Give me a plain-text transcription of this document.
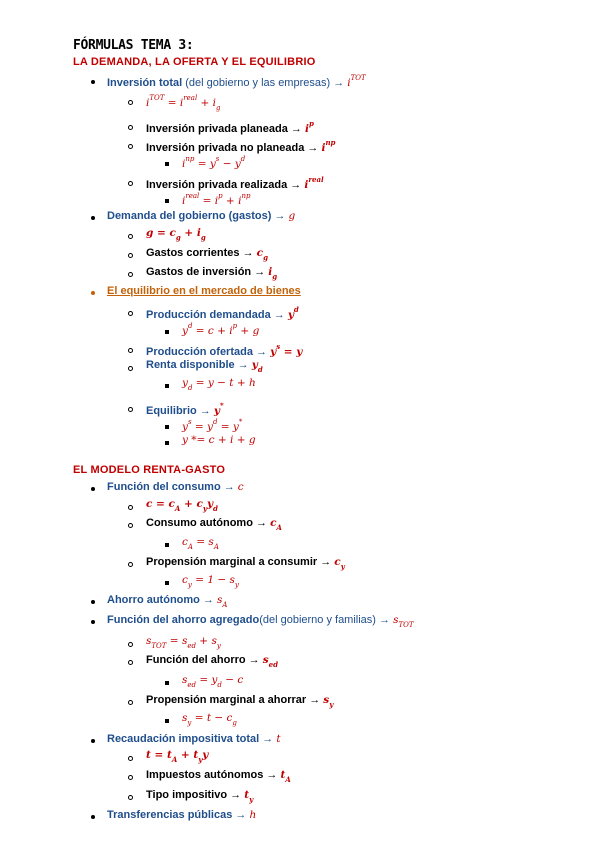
FÓRMULAS TEMA 3:
LA DEMANDA, LA OFERTA Y EL EQUILIBRIO
Inversión total (del gobierno y las empresas) → $i^{TOT}$
$i^{TOT} = i^{real} + i_g$
Inversión privada planeada → $i^p$
Inversión privada no planeada → $i^{np}$
$i^{np} = y^s - y^d$
Inversión privada realizada → $i^{real}$
$i^{real} = i^p + i^{np}$
Demanda del gobierno (gastos) → g
$g = c_g + i_g$
Gastos corrientes → $c_g$
Gastos de inversión → $i_g$
El equilibrio en el mercado de bienes
Producción demandada → $y^d$
$y^d = c + i^p + g$
Producción ofertada → $y^s = y$
Renta disponible → $y_d$
$y_d = y - t + h$
Equilibrio → y*
$y^s = y^d = y^*$
y *= c + i + g
EL MODELO RENTA-GASTO
Función del consumo → c
$c = c_A + c_yy_d$
Consumo autónomo → $c_A$
$c_A = s_A$
Propensión marginal a consumir → $c_y$
$c_y = 1 - s_y$
Ahorro autónomo → $s_A$
Función del ahorro agregado(del gobierno y familias) → $s_{TOT}$
$s_{TOT} = s_{ed} + s_y$
Función del ahorro → $s_{ed}$
$s_{ed} = y_d - c$
Propensión marginal a ahorrar → $s_y$
$s_y = t - c_g$
Recaudación impositiva total → t
$t = t_A + t_yy$
Impuestos autónomos → $t_A$
Tipo impositivo → $t_y$
Transferencias públicas → h
